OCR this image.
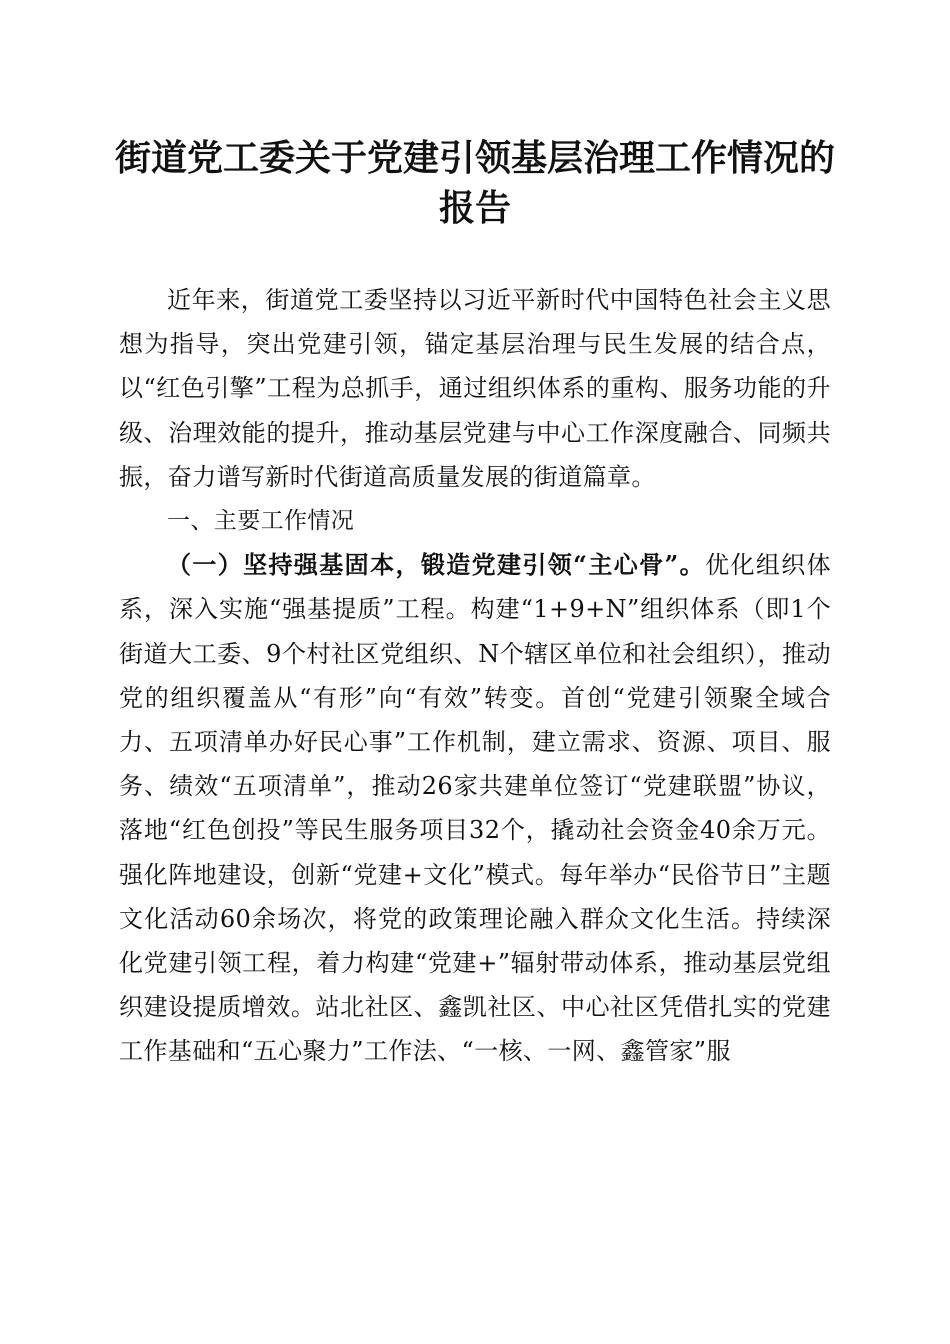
街道党工委关于党建引领基层治理工作情况的
报告

近年来，街道党工委坚持以习近平新时代中国特色社会主义思想为指导，突出党建引领，锚定基层治理与民生发展的结合点，以“红色引擎”工程为总抓手，通过组织体系的重构、服务功能的升级、治理效能的提升，推动基层党建与中心工作深度融合、同频共振，奋力谱写新时代街道高质量发展的街道篇章。

一、主要工作情况

（一）坚持强基固本，锻造党建引领“主心骨”。优化组织体系，深入实施“强基提质”工程。构建“1+9+N”组织体系（即1个街道大工委、9个村社区党组织、N个辖区单位和社会组织），推动党的组织覆盖从“有形”向“有效”转变。首创“党建引领聚全域合力、五项清单办好民心事”工作机制，建立需求、资源、项目、服务、绩效“五项清单”，推动26家共建单位签订“党建联盟”协议，落地“红色创投”等民生服务项目32个，撬动社会资金40余万元。强化阵地建设，创新“党建+文化”模式。每年举办“民俗节日”主题文化活动60余场次，将党的政策理论融入群众文化生活。持续深化党建引领工程，着力构建“党建+”辐射带动体系，推动基层党组织建设提质增效。站北社区、鑫凯社区、中心社区凭借扎实的党建工作基础和“五心聚力”工作法、“一核、一网、鑫管家”服
